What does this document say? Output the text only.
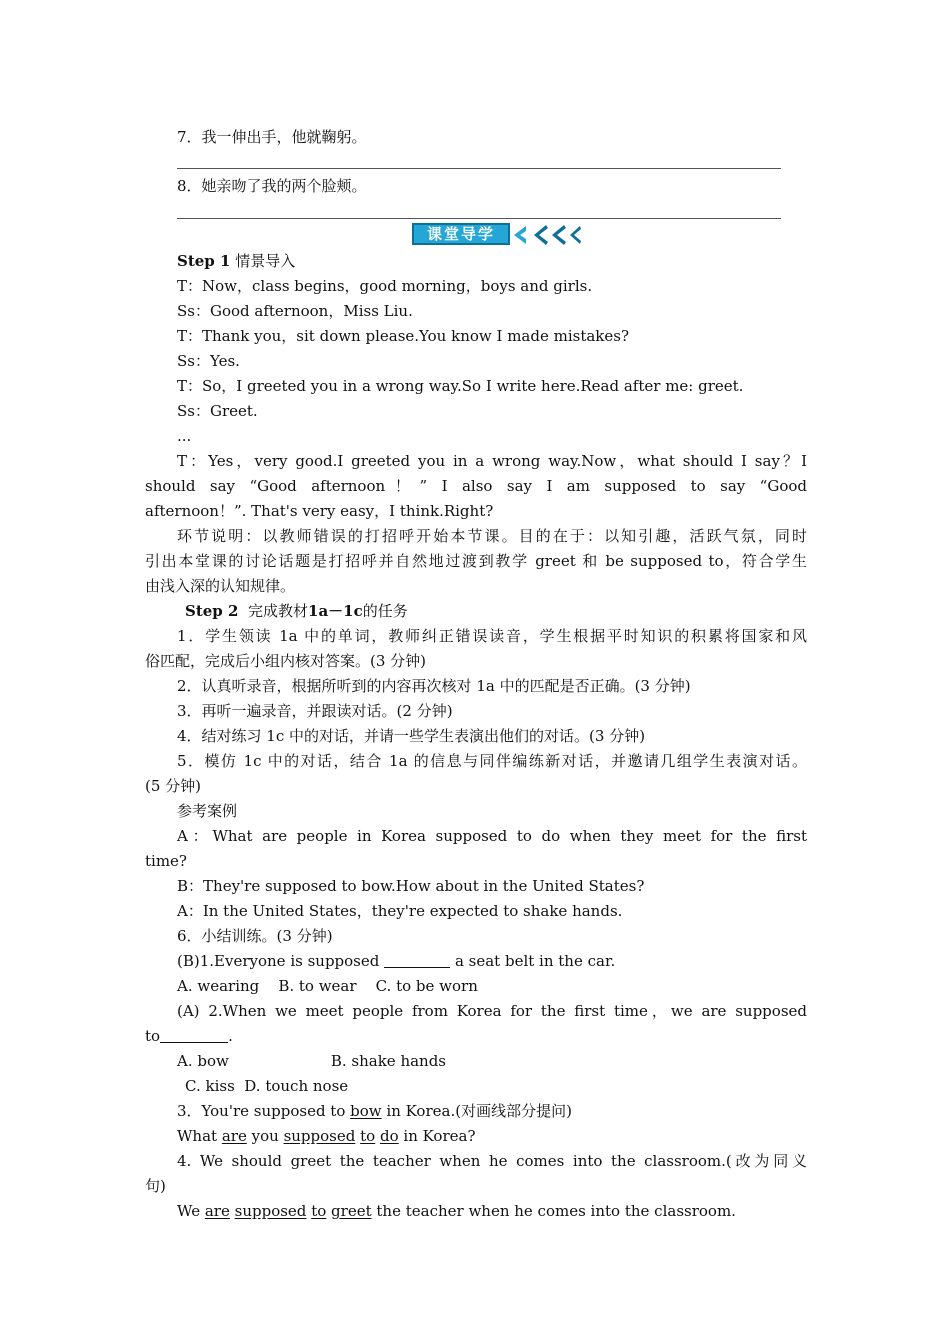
7．我一伸出手，他就鞠躬。
8．她亲吻了我的两个脸颊。
课堂导学
Step 1 情景导入
T：Now，class begins，good morning，boys and girls.
Ss：Good afternoon，Miss Liu.
T：Thank you，sit down please.You know I made mistakes?
Ss：Yes.
T：So，I greeted you in a wrong way.So I write here.Read after me: greet.
Ss：Greet.
...
T：Yes，very good.I greeted you in a wrong way.Now，what should I say？I
should say “Good afternoon！” I also say I am supposed to say “Good
afternoon！”. That's very easy，I think.Right?
环节说明：以教师错误的打招呼开始本节课。目的在于：以知引趣，活跃气氛，同时
引出本堂课的讨论话题是打招呼并自然地过渡到教学 greet 和 be supposed to，符合学生
由浅入深的认知规律。
Step 2 完成教材1a－1c的任务
1．学生领读 1a 中的单词，教师纠正错误读音，学生根据平时知识的积累将国家和风
俗匹配，完成后小组内核对答案。(3 分钟)
2．认真听录音，根据所听到的内容再次核对 1a 中的匹配是否正确。(3 分钟)
3．再听一遍录音，并跟读对话。(2 分钟)
4．结对练习 1c 中的对话，并请一些学生表演出他们的对话。(3 分钟)
5．模仿 1c 中的对话，结合 1a 的信息与同伴编练新对话，并邀请几组学生表演对话。
(5 分钟)
参考案例
A：What are people in Korea supposed to do when they meet for the first
time?
B：They're supposed to bow.How about in the United States?
A：In the United States，they're expected to shake hands.
6．小结训练。(3 分钟)
(B)1.Everyone is supposed	a seat belt in the car.
A. wearing    B. to wear    C. to be worn
(A) 2.When we meet people from Korea for the first time，we are supposed
to	.
A. bow	B. shake hands
C. kiss  D. touch nose
3．You're supposed to bow in Korea.(对画线部分提问)
What are you supposed to do in Korea?
4. We should greet the teacher when he comes into the classroom.(改为同义
句)
We are supposed to greet the teacher when he comes into the classroom.
